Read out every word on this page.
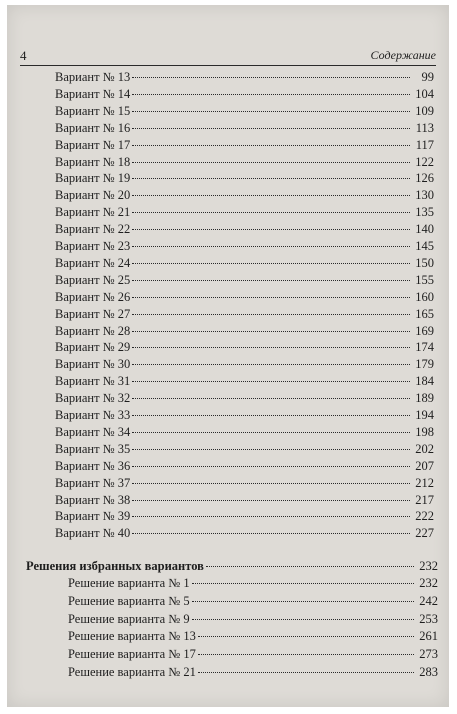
4	Содержание
Вариант № 13	99
Вариант № 14	104
Вариант № 15	109
Вариант № 16	113
Вариант № 17	117
Вариант № 18	122
Вариант № 19	126
Вариант № 20	130
Вариант № 21	135
Вариант № 22	140
Вариант № 23	145
Вариант № 24	150
Вариант № 25	155
Вариант № 26	160
Вариант № 27	165
Вариант № 28	169
Вариант № 29	174
Вариант № 30	179
Вариант № 31	184
Вариант № 32	189
Вариант № 33	194
Вариант № 34	198
Вариант № 35	202
Вариант № 36	207
Вариант № 37	212
Вариант № 38	217
Вариант № 39	222
Вариант № 40	227
Решения избранных вариантов	232
Решение варианта № 1	232
Решение варианта № 5	242
Решение варианта № 9	253
Решение варианта № 13	261
Решение варианта № 17	273
Решение варианта № 21	283
